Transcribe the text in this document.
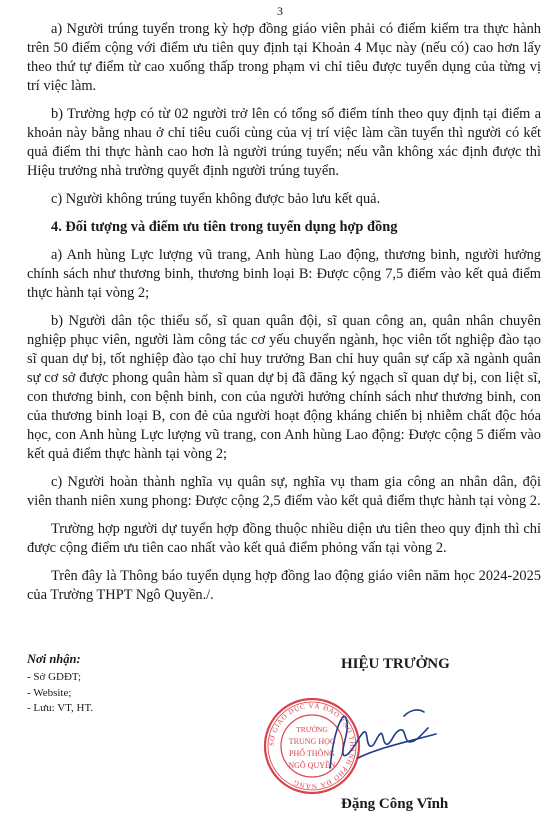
3

a) Người trúng tuyển trong kỳ hợp đồng giáo viên phải có điểm kiểm tra thực hành trên 50 điểm cộng với điểm ưu tiên quy định tại Khoản 4 Mục này (nếu có) cao hơn lấy theo thứ tự điểm từ cao xuống thấp trong phạm vi chỉ tiêu được tuyển dụng của từng vị trí việc làm.

b) Trường hợp có từ 02 người trở lên có tổng số điểm tính theo quy định tại điểm a khoản này bằng nhau ở chỉ tiêu cuối cùng của vị trí việc làm cần tuyển thì người có kết quả điểm thi thực hành cao hơn là người trúng tuyển; nếu vẫn không xác định được thì Hiệu trưởng nhà trường quyết định người trúng tuyển.

c) Người không trúng tuyển không được bảo lưu kết quả.

4. Đối tượng và điểm ưu tiên trong tuyển dụng hợp đồng

a) Anh hùng Lực lượng vũ trang, Anh hùng Lao động, thương binh, người hưởng chính sách như thương binh, thương binh loại B: Được cộng 7,5 điểm vào kết quả điểm thực hành tại vòng 2;

b) Người dân tộc thiểu số, sĩ quan quân đội, sĩ quan công an, quân nhân chuyên nghiệp phục viên, người làm công tác cơ yếu chuyển ngành, học viên tốt nghiệp đào tạo sĩ quan dự bị, tốt nghiệp đào tạo chỉ huy trưởng Ban chỉ huy quân sự cấp xã ngành quân sự cơ sở được phong quân hàm sĩ quan dự bị đã đăng ký ngạch sĩ quan dự bị, con liệt sĩ, con thương binh, con bệnh binh, con của người hưởng chính sách như thương binh, con của thương binh loại B, con đẻ của người hoạt động kháng chiến bị nhiễm chất độc hóa học, con Anh hùng Lực lượng vũ trang, con Anh hùng Lao động: Được cộng 5 điểm vào kết quả điểm thực hành tại vòng 2;

c) Người hoàn thành nghĩa vụ quân sự, nghĩa vụ tham gia công an nhân dân, đội viên thanh niên xung phong: Được cộng 2,5 điểm vào kết quả điểm thực hành tại vòng 2.

Trường hợp người dự tuyển hợp đồng thuộc nhiều diện ưu tiên theo quy định thì chỉ được cộng điểm ưu tiên cao nhất vào kết quả điểm phỏng vấn tại vòng 2.

Trên đây là Thông báo tuyển dụng hợp đồng lao động giáo viên năm học 2024-2025 của Trường THPT Ngô Quyền./.

Nơi nhận:
- Sở GDĐT;
- Website;
- Lưu: VT, HT.
HIỆU TRƯỞNG
SỞ GIÁO DỤC VÀ ĐÀO TẠO THÀNH PHỐ ĐÀ NẴNG
TRƯỜNG
TRUNG HỌC
PHỔ THÔNG
NGÔ QUYỀN
Đặng Công Vĩnh
